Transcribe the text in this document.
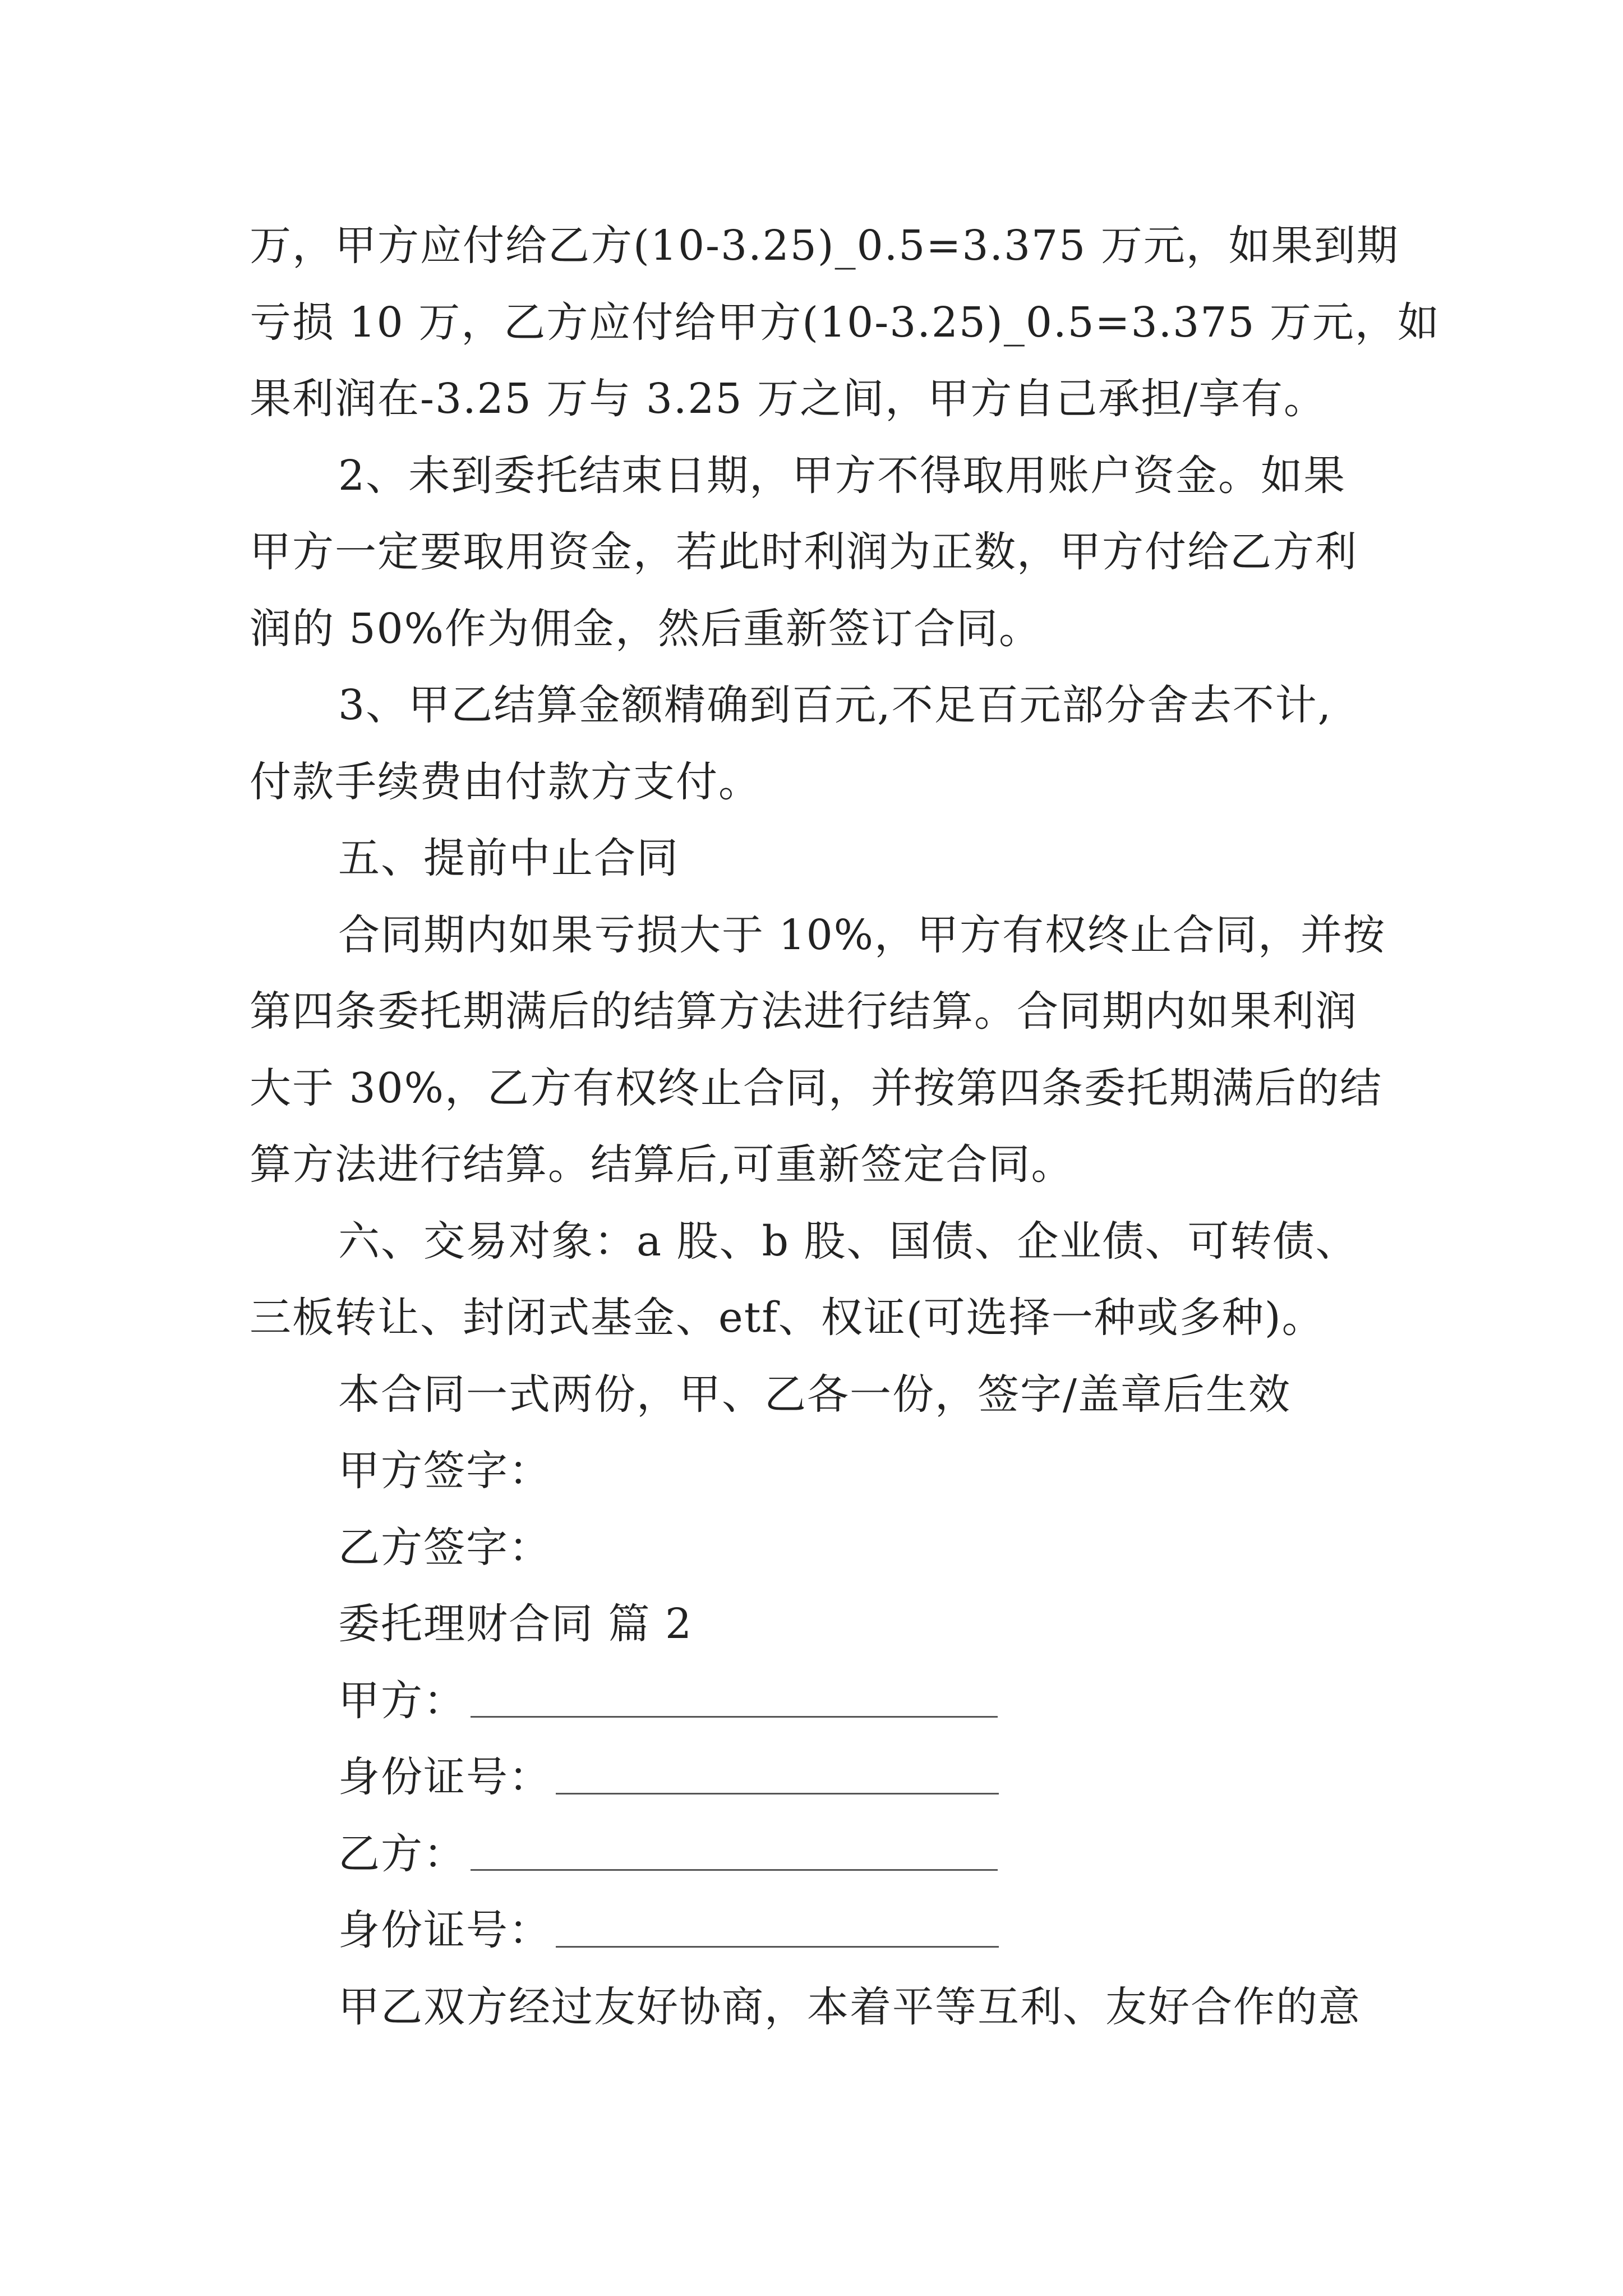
万，甲方应付给乙方(10-3.25)_0.5=3.375 万元，如果到期
亏损 10 万，乙方应付给甲方(10-3.25)_0.5=3.375 万元，如
果利润在-3.25 万与 3.25 万之间，甲方自己承担/享有。
2、未到委托结束日期，甲方不得取用账户资金。如果
甲方一定要取用资金，若此时利润为正数，甲方付给乙方利
润的 50%作为佣金，然后重新签订合同。
3、甲乙结算金额精确到百元,不足百元部分舍去不计,
付款手续费由付款方支付。
五、提前中止合同
合同期内如果亏损大于 10%，甲方有权终止合同，并按
第四条委托期满后的结算方法进行结算。合同期内如果利润
大于 30%，乙方有权终止合同，并按第四条委托期满后的结
算方法进行结算。结算后,可重新签定合同。
六、交易对象：a 股、b 股、国债、企业债、可转债、
三板转让、封闭式基金、etf、权证(可选择一种或多种)。
本合同一式两份，甲、乙各一份，签字/盖章后生效
甲方签字：
乙方签字：
委托理财合同 篇 2
甲方：
身份证号：
乙方：
身份证号：
甲乙双方经过友好协商，本着平等互利、友好合作的意
